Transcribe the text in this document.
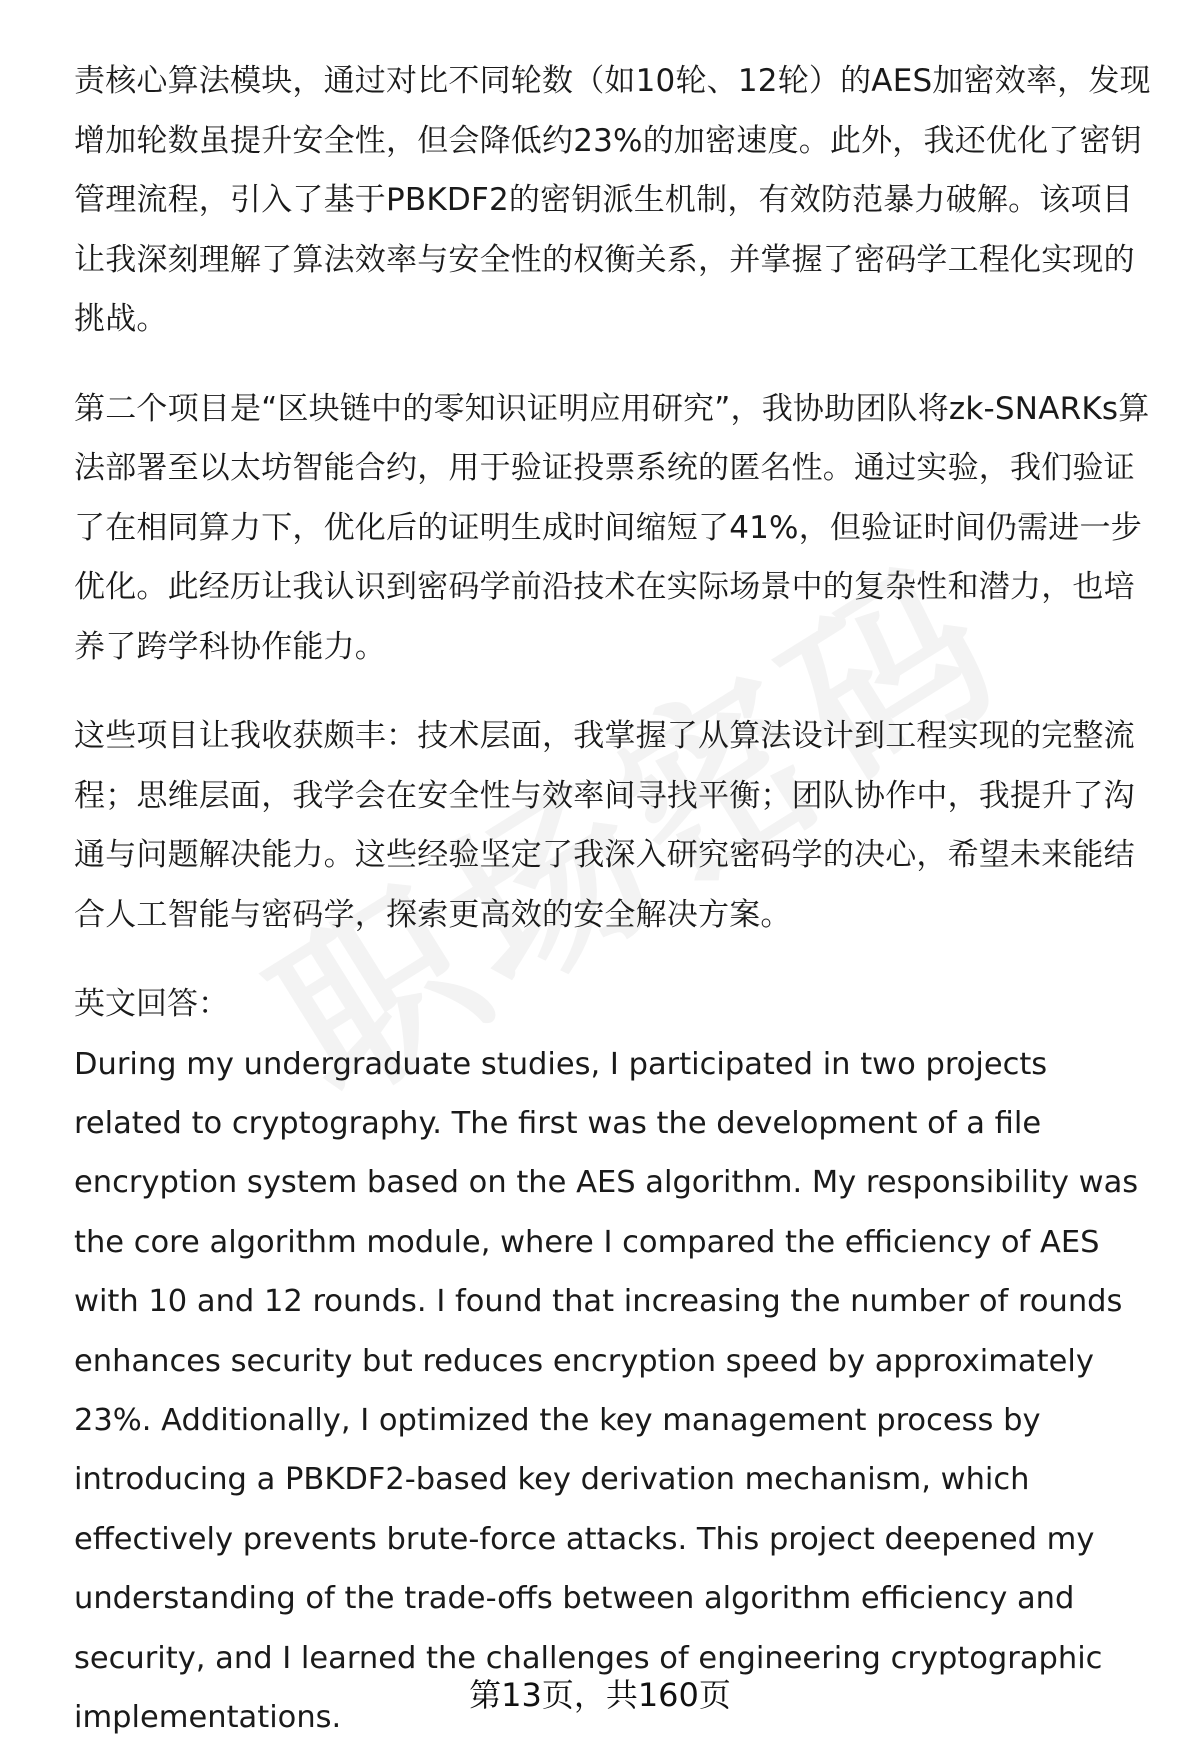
责核心算法模块，通过对比不同轮数（如10轮、12轮）的AES加密效率，发现增加轮数虽提升安全性，但会降低约23%的加密速度。此外，我还优化了密钥管理流程，引入了基于PBKDF2的密钥派生机制，有效防范暴力破解。该项目让我深刻理解了算法效率与安全性的权衡关系，并掌握了密码学工程化实现的挑战。

第二个项目是“区块链中的零知识证明应用研究”，我协助团队将zk-SNARKs算法部署至以太坊智能合约，用于验证投票系统的匿名性。通过实验，我们验证了在相同算力下，优化后的证明生成时间缩短了41%，但验证时间仍需进一步优化。此经历让我认识到密码学前沿技术在实际场景中的复杂性和潜力，也培养了跨学科协作能力。

这些项目让我收获颇丰：技术层面，我掌握了从算法设计到工程实现的完整流程；思维层面，我学会在安全性与效率间寻找平衡；团队协作中，我提升了沟通与问题解决能力。这些经验坚定了我深入研究密码学的决心，希望未来能结合人工智能与密码学，探索更高效的安全解决方案。

英文回答：

During my undergraduate studies, I participated in two projects related to cryptography. The first was the development of a file encryption system based on the AES algorithm. My responsibility was the core algorithm module, where I compared the efficiency of AES with 10 and 12 rounds. I found that increasing the number of rounds enhances security but reduces encryption speed by approximately 23%. Additionally, I optimized the key management process by introducing a PBKDF2-based key derivation mechanism, which effectively prevents brute-force attacks. This project deepened my understanding of the trade-offs between algorithm efficiency and security, and I learned the challenges of engineering cryptographic implementations.

第13页，共160页
